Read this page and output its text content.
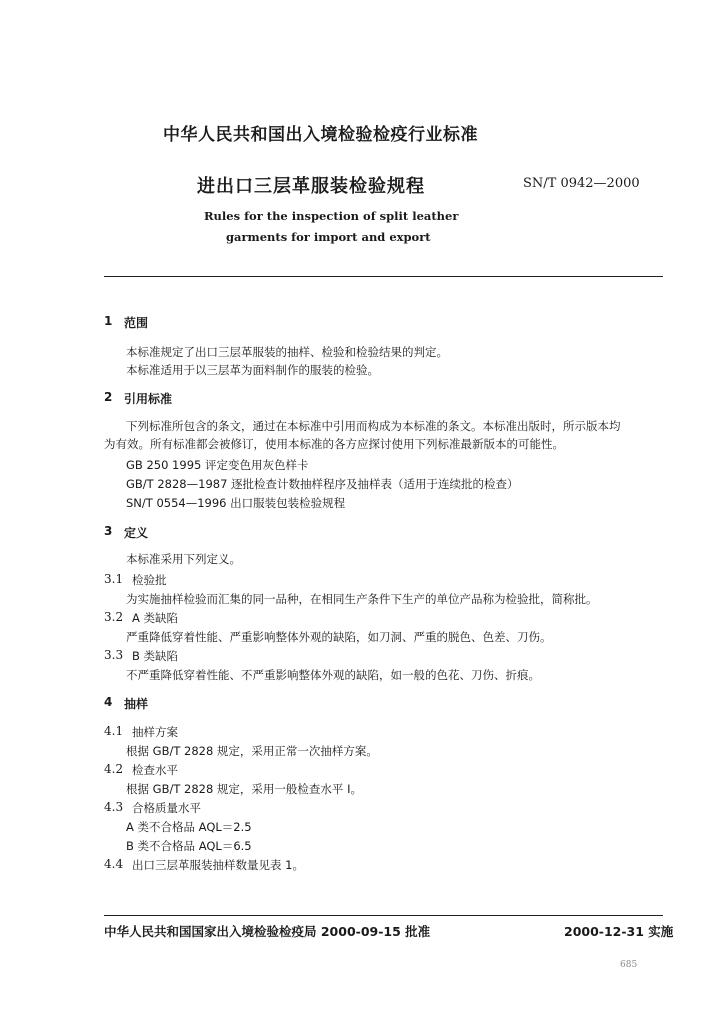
中华人民共和国出入境检验检疫行业标准
进出口三层革服装检验规程	SN/T 0942—2000
Rules for the inspection of split leather
garments for import and export
1 范围
本标准规定了出口三层革服装的抽样、检验和检验结果的判定。
本标准适用于以三层革为面料制作的服装的检验。
2 引用标准
下列标准所包含的条文，通过在本标准中引用而构成为本标准的条文。本标准出版时，所示版本均
为有效。所有标准都会被修订，使用本标准的各方应探讨使用下列标准最新版本的可能性。
GB 250 1995 评定变色用灰色样卡
GB/T 2828—1987 逐批检查计数抽样程序及抽样表（适用于连续批的检查）
SN/T 0554—1996 出口服装包装检验规程
3 定义
本标准采用下列定义。
3.1 检验批
为实施抽样检验而汇集的同一品种，在相同生产条件下生产的单位产品称为检验批，简称批。
3.2 A 类缺陷
严重降低穿着性能、严重影响整体外观的缺陷，如刀洞、严重的脱色、色差、刀伤。
3.3 B 类缺陷
不严重降低穿着性能、不严重影响整体外观的缺陷，如一般的色花、刀伤、折痕。
4 抽样
4.1 抽样方案
根据 GB/T 2828 规定，采用正常一次抽样方案。
4.2 检查水平
根据 GB/T 2828 规定，采用一般检查水平 I。
4.3 合格质量水平
A 类不合格品 AQL＝2.5
B 类不合格品 AQL＝6.5
4.4 出口三层革服装抽样数量见表 1。
中华人民共和国国家出入境检验检疫局 2000-09-15 批准	2000-12-31 实施
685
